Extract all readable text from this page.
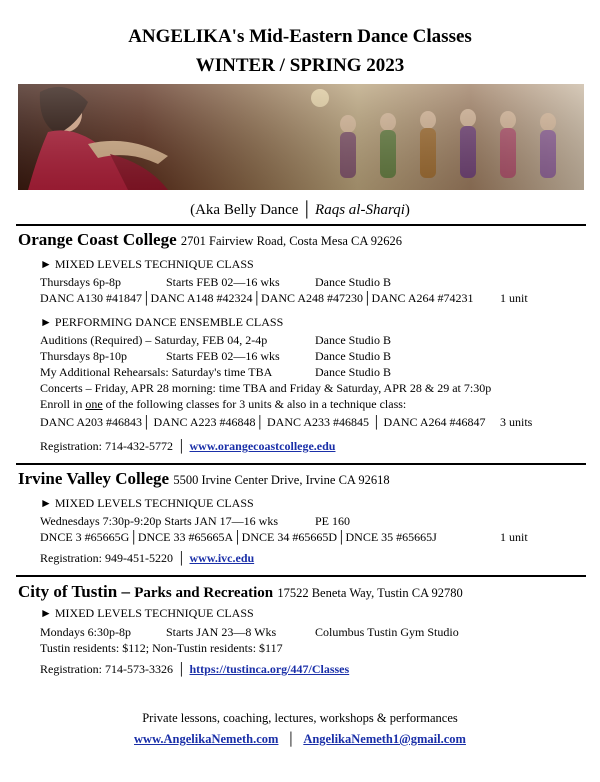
ANGELIKA's Mid-Eastern Dance Classes
WINTER / SPRING 2023
(Aka Belly Dance │ Raqs al-Sharqi)
Orange Coast College 2701 Fairview Road, Costa Mesa CA 92626
► MIXED LEVELS TECHNIQUE CLASS
Thursdays 6p-8p	Starts FEB 02—16 wks	Dance Studio B
DANC A130 #41847│DANC A148 #42324│DANC A248 #47230│DANC A264 #74231 1 unit
► PERFORMING DANCE ENSEMBLE CLASS
Auditions (Required) – Saturday, FEB 04, 2-4p	Dance Studio B
Thursdays 8p-10p	Starts FEB 02—16 wks	Dance Studio B
My Additional Rehearsals: Saturday's time TBA	Dance Studio B
Concerts – Friday, APR 28 morning: time TBA and Friday & Saturday, APR 28 & 29 at 7:30p
Enroll in one of the following classes for 3 units & also in a technique class:
DANC A203 #46843│ DANC A223 #46848│ DANC A233 #46845 │ DANC A264 #46847 3 units
Registration: 714-432-5772 │ www.orangecoastcollege.edu
Irvine Valley College 5500 Irvine Center Drive, Irvine CA 92618
► MIXED LEVELS TECHNIQUE CLASS
Wednesdays 7:30p-9:20p Starts JAN 17—16 wks	PE 160
DNCE 3 #65665G│DNCE 33 #65665A│DNCE 34 #65665D│DNCE 35 #65665J	1 unit
Registration: 949-451-5220 │ www.ivc.edu
City of Tustin – Parks and Recreation 17522 Beneta Way, Tustin CA 92780
► MIXED LEVELS TECHNIQUE CLASS
Mondays 6:30p-8p	Starts JAN 23—8 Wks	Columbus Tustin Gym Studio
Tustin residents: $112; Non-Tustin residents: $117
Registration: 714-573-3326 │ https://tustinca.org/447/Classes
Private lessons, coaching, lectures, workshops & performances
www.AngelikaNemeth.com │ AngelikaNemeth1@gmail.com
